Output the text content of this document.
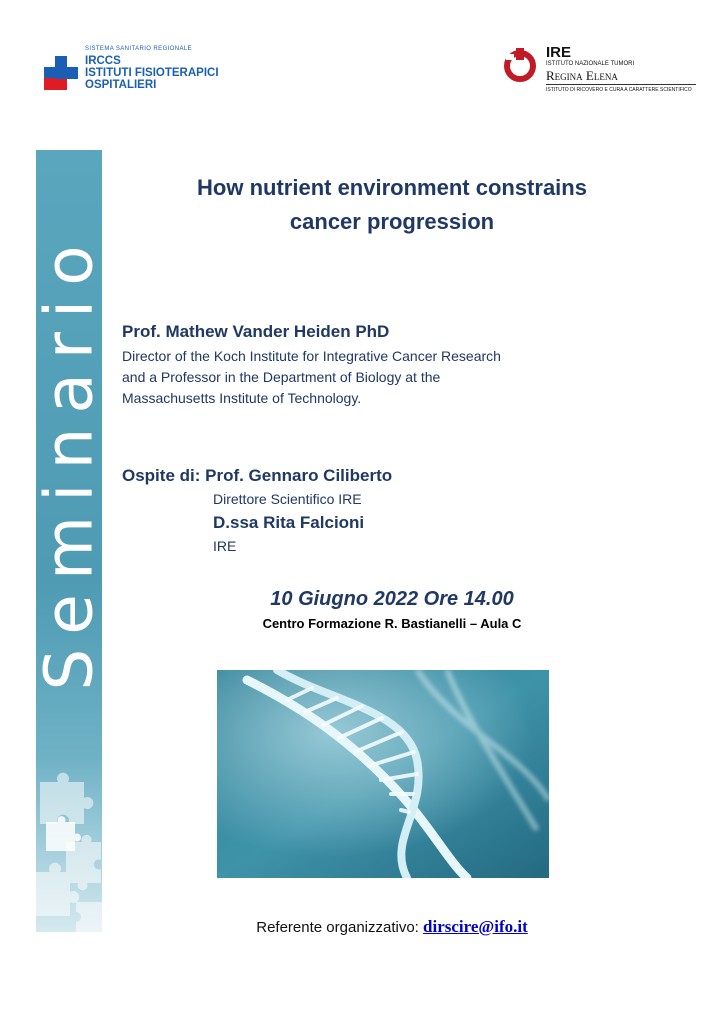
SISTEMA SANITARIO REGIONALE
IRCCS
ISTITUTI FISIOTERAPICI
OSPITALIERI
IRE
ISTITUTO NAZIONALE TUMORI
Regina Elena
ISTITUTO DI RICOVERO E CURA A CARATTERE SCIENTIFICO
Seminario
How nutrient environment constrains
cancer progression
Prof. Mathew Vander Heiden PhD
Director of the Koch Institute for Integrative Cancer Research
and a Professor in the Department of Biology at the
Massachusetts Institute of Technology.
Ospite di: Prof. Gennaro Ciliberto
Direttore Scientifico IRE
D.ssa Rita Falcioni
IRE
10 Giugno 2022 Ore 14.00
Centro Formazione R. Bastianelli – Aula C
Referente organizzativo: dirscire@ifo.it
